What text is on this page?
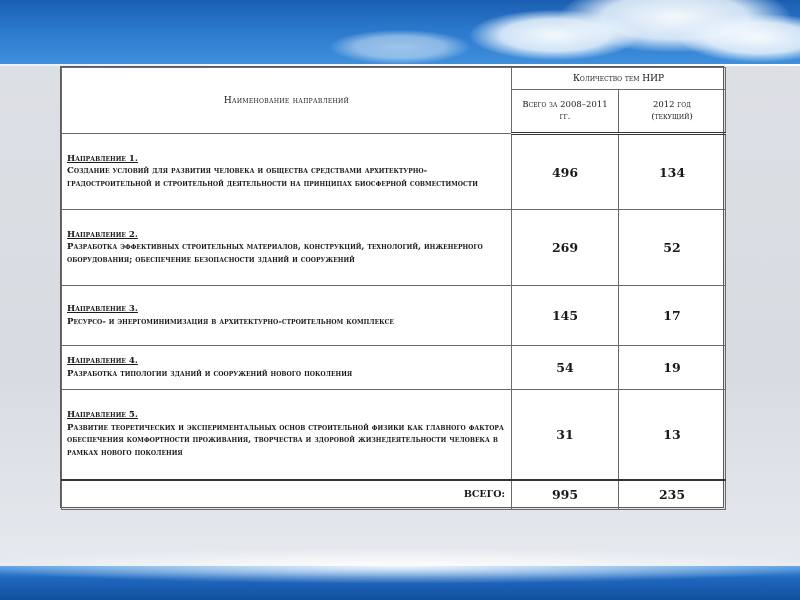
Наименование направлений	Количество тем НИР	
	Всего за 2008–2011 гг.	2012 год (текущий)

Направление 1.
Создание условий для развития человека и общества средствами архитектурно-градостроительной и строительной деятельности на принципах биосферной совместимости	496	134

Направление 2.
Разработка эффективных строительных материалов, конструкций, технологий, инженерного оборудования; обеспечение безопасности зданий и сооружений	269	52

Направление 3.
Ресурсо- и энергоминимизация в архитектурно-строительном комплексе	145	17

Направление 4.
Разработка типологии зданий и сооружений нового поколения	54	19

Направление 5.
Развитие теоретических и экспериментальных основ строительной физики как главного фактора обеспечения комфортности проживания, творчества и здоровой жизнедеятельности человека в рамках нового поколения	31	13
ВСЕГО:	995	235
